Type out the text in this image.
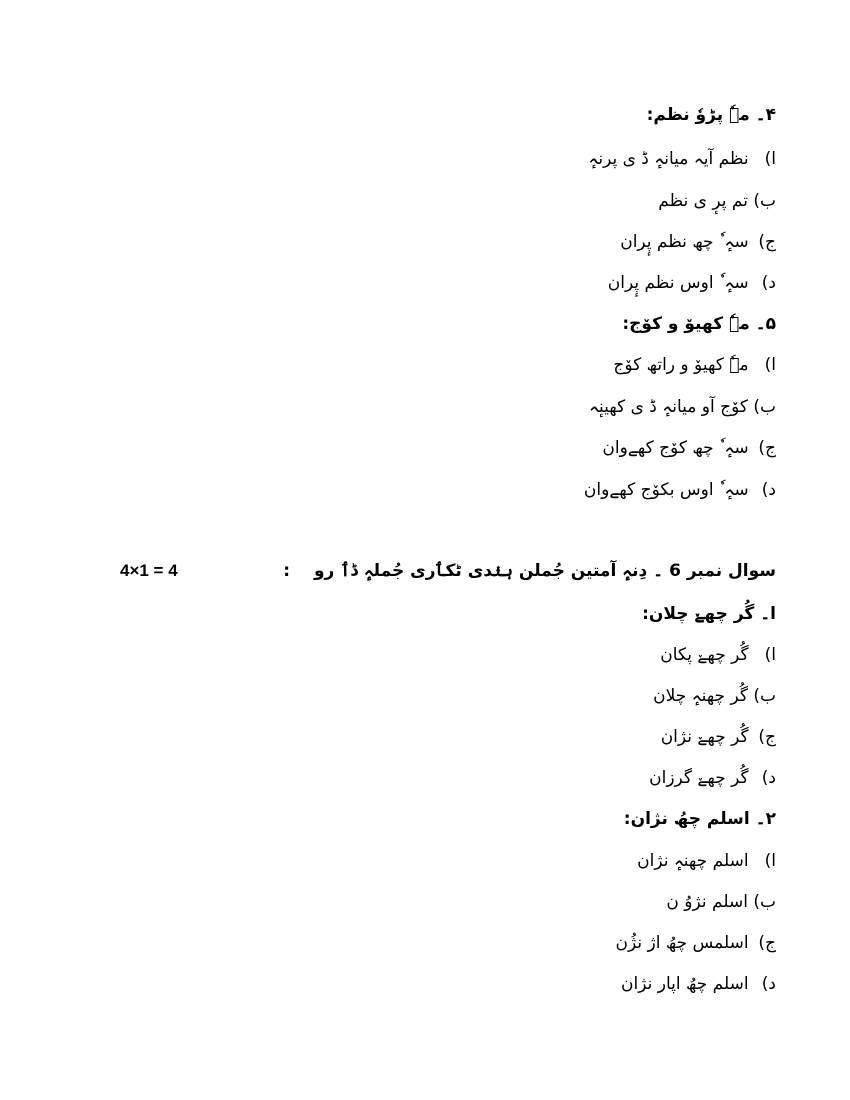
۴۔ مےٗ پڑوٗ نظم:
ا) نظم آیہ میانہٕ ڈ ی پرنہٕ
ب) تم پرٕ ی نظم
ج) سہٕ ٗ چھ نظم پٕران
د) سہٕ ٗ اوس نظم پٕران
۵۔ مےٗ کھیوٚ و کوٚج:
ا) مےٗ کھیوٚ و راتھ کوٚج
ب) کوٚج آو میانہٕ ڈ ی کھینٕہ
ج) سہٕ ٗ چھ کوٚج کھےوان
د) سہٕ ٗ اوس بکوٚج کھےوان
سوال نمبر 6 ۔ دِنہٕ آمتین جُملن ہنٛدی ٹکٲری جُملہٕ ڈٲ رو :
4×1 = 4
ا۔ گُر چھےٚ چلان:
ا) گُر چھےٚ پکان
ب) گُر چھنہٕ چلان
ج) گُر چھےٚ نژان
د) گُر چھےٚ گرزان
۲۔ اسلم چھُ نژان:
ا) اسلم چھنہٕ نژان
ب) اسلم نژوُ ن
ج) اسلمس چھُ اژ نژُن
د) اسلم چھُ اپار نژان
